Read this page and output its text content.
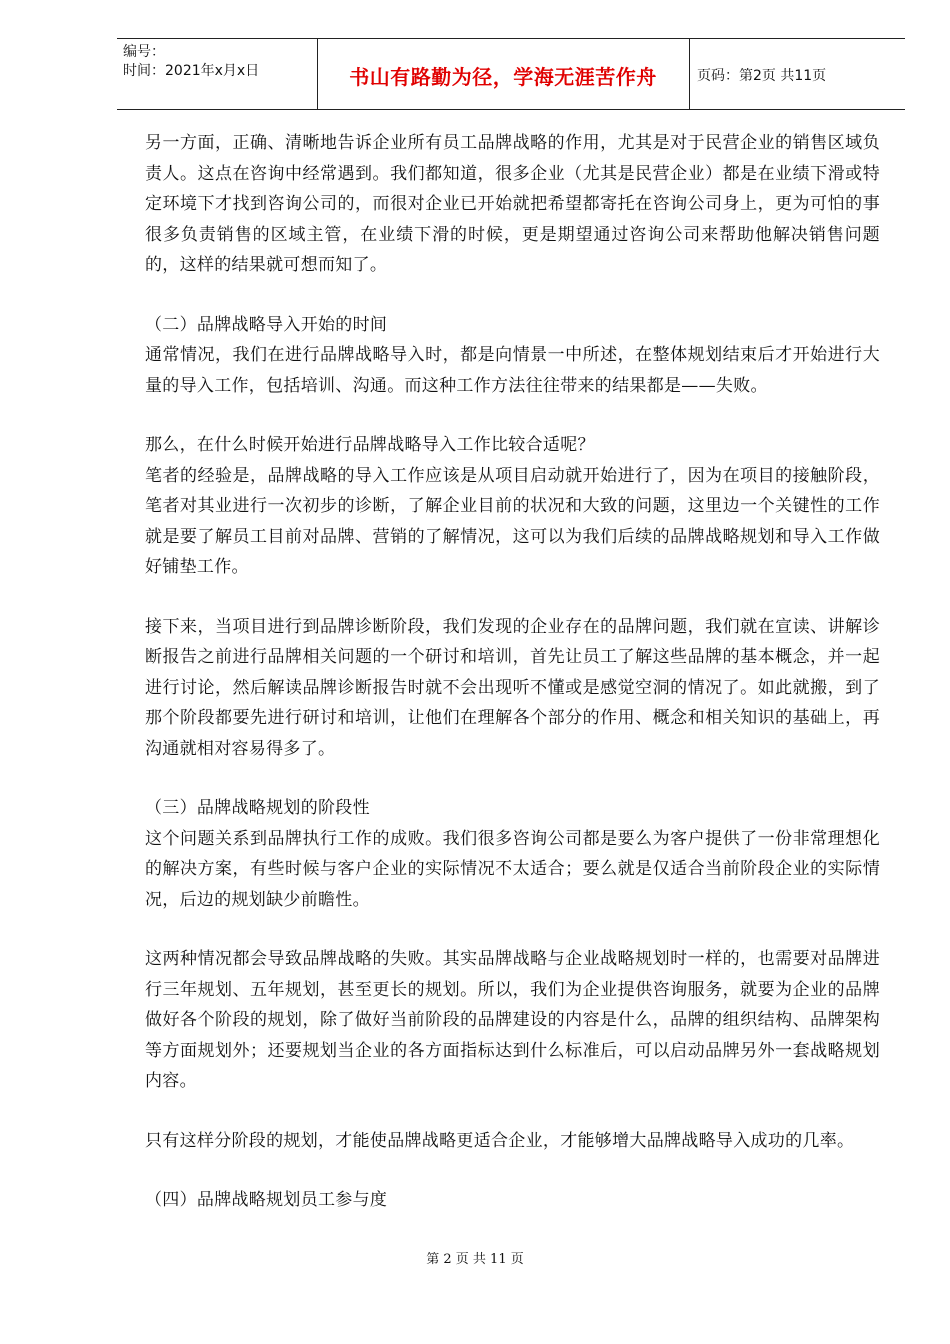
编号：
时间：2021年x月x日	书山有路勤为径，学海无涯苦作舟	页码：第2页 共11页

另一方面，正确、清晰地告诉企业所有员工品牌战略的作用，尤其是对于民营企业的销售区域负责人。这点在咨询中经常遇到。我们都知道，很多企业（尤其是民营企业）都是在业绩下滑或特定环境下才找到咨询公司的，而很对企业已开始就把希望都寄托在咨询公司身上，更为可怕的事很多负责销售的区域主管，在业绩下滑的时候，更是期望通过咨询公司来帮助他解决销售问题的，这样的结果就可想而知了。

（二）品牌战略导入开始的时间

通常情况，我们在进行品牌战略导入时，都是向情景一中所述，在整体规划结束后才开始进行大量的导入工作，包括培训、沟通。而这种工作方法往往带来的结果都是——失败。

那么，在什么时候开始进行品牌战略导入工作比较合适呢？

笔者的经验是，品牌战略的导入工作应该是从项目启动就开始进行了，因为在项目的接触阶段，笔者对其业进行一次初步的诊断，了解企业目前的状况和大致的问题，这里边一个关键性的工作就是要了解员工目前对品牌、营销的了解情况，这可以为我们后续的品牌战略规划和导入工作做好铺垫工作。

接下来，当项目进行到品牌诊断阶段，我们发现的企业存在的品牌问题，我们就在宣读、讲解诊断报告之前进行品牌相关问题的一个研讨和培训，首先让员工了解这些品牌的基本概念，并一起进行讨论，然后解读品牌诊断报告时就不会出现听不懂或是感觉空洞的情况了。如此就搬，到了那个阶段都要先进行研讨和培训，让他们在理解各个部分的作用、概念和相关知识的基础上，再沟通就相对容易得多了。

（三）品牌战略规划的阶段性

这个问题关系到品牌执行工作的成败。我们很多咨询公司都是要么为客户提供了一份非常理想化的解决方案，有些时候与客户企业的实际情况不太适合；要么就是仅适合当前阶段企业的实际情况，后边的规划缺少前瞻性。

这两种情况都会导致品牌战略的失败。其实品牌战略与企业战略规划时一样的，也需要对品牌进行三年规划、五年规划，甚至更长的规划。所以，我们为企业提供咨询服务，就要为企业的品牌做好各个阶段的规划，除了做好当前阶段的品牌建设的内容是什么，品牌的组织结构、品牌架构等方面规划外；还要规划当企业的各方面指标达到什么标准后，可以启动品牌另外一套战略规划内容。

只有这样分阶段的规划，才能使品牌战略更适合企业，才能够增大品牌战略导入成功的几率。

（四）品牌战略规划员工参与度

第 2 页 共 11 页
